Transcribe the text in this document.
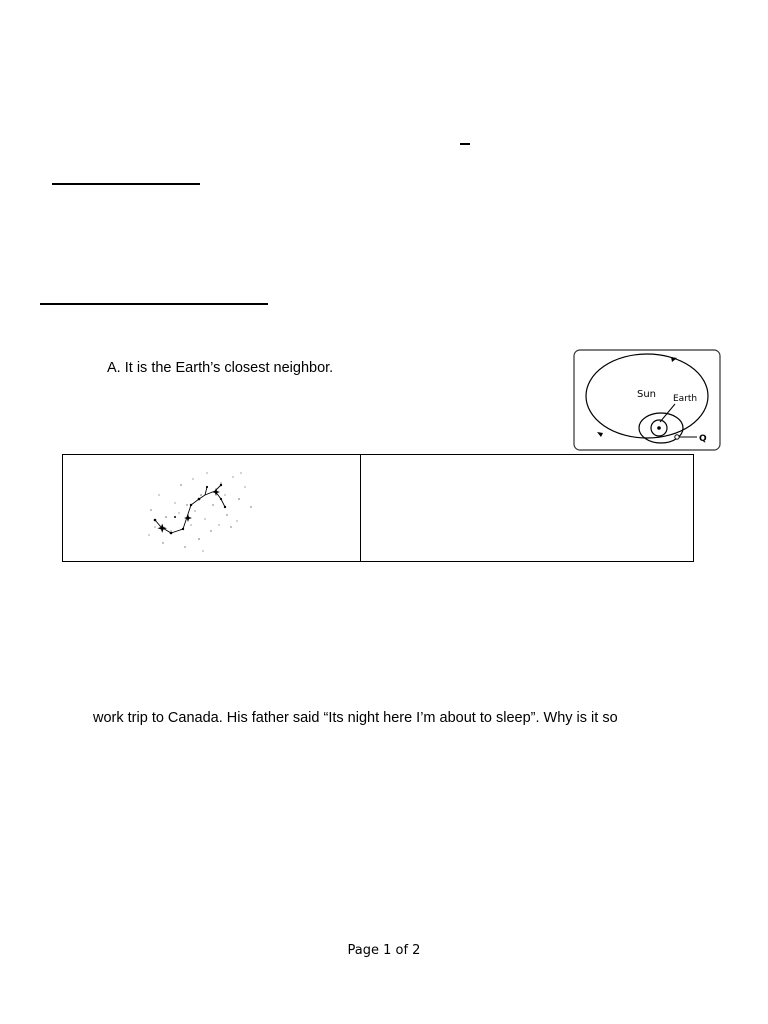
A. It is the Earth’s closest neighbor.
Sun Earth
Q
work trip to Canada. His father said “Its night here I’m about to sleep”. Why is it so
Page 1 of 2
